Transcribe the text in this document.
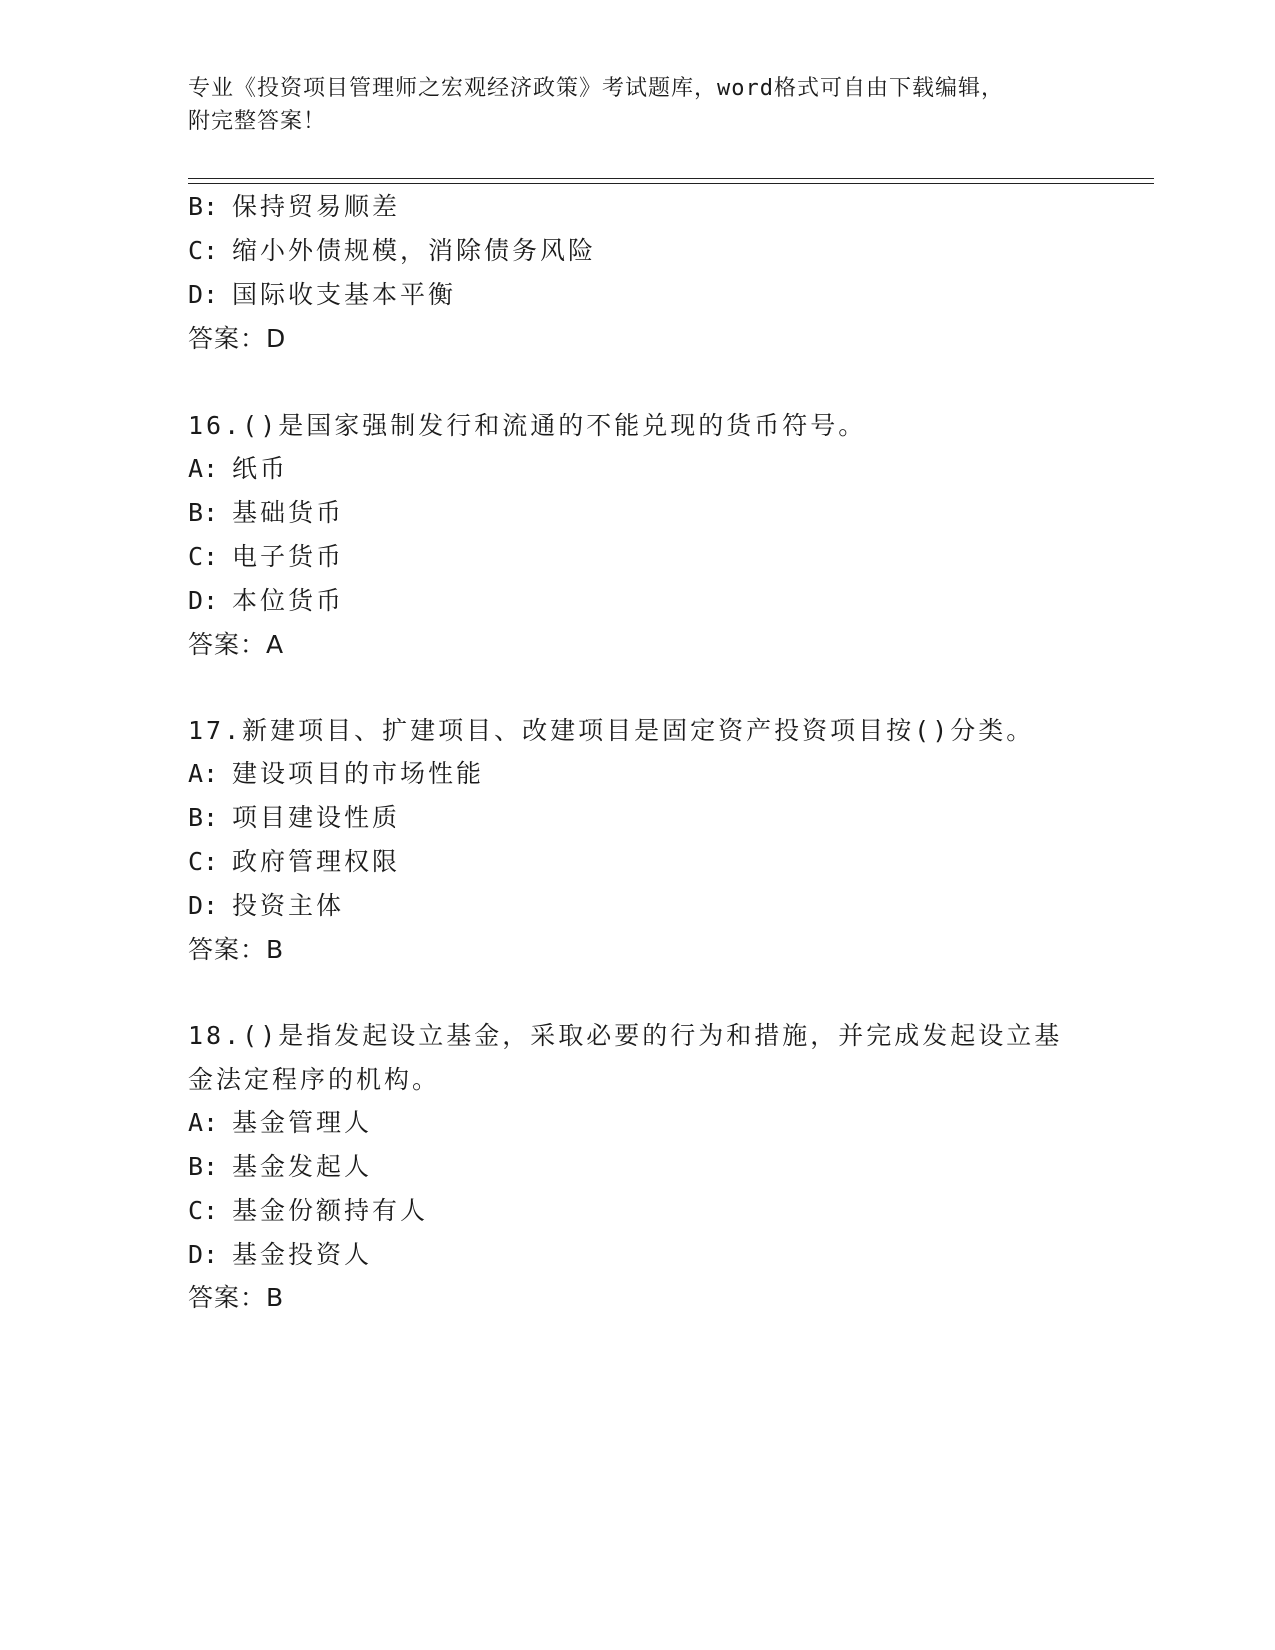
专业《投资项目管理师之宏观经济政策》考试题库，word格式可自由下载编辑，
附完整答案！
B: 保持贸易顺差
C: 缩小外债规模，消除债务风险
D: 国际收支基本平衡
答案：D
16.()是国家强制发行和流通的不能兑现的货币符号。
A: 纸币
B: 基础货币
C: 电子货币
D: 本位货币
答案：A
17.新建项目、扩建项目、改建项目是固定资产投资项目按()分类。
A: 建设项目的市场性能
B: 项目建设性质
C: 政府管理权限
D: 投资主体
答案：B
18.()是指发起设立基金，采取必要的行为和措施，并完成发起设立基
金法定程序的机构。
A: 基金管理人
B: 基金发起人
C: 基金份额持有人
D: 基金投资人
答案：B
